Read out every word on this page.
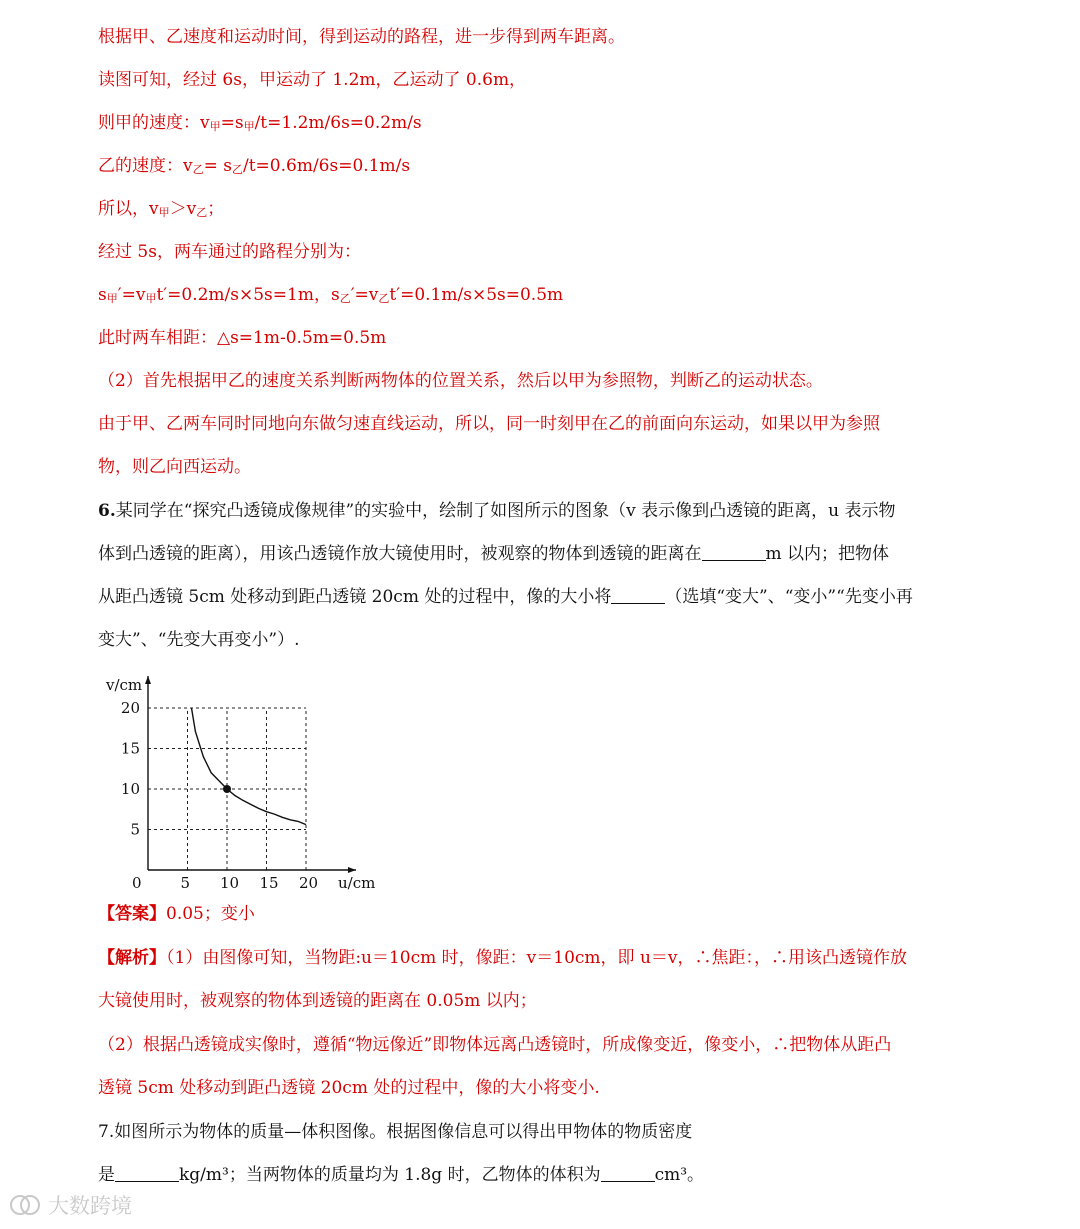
根据甲、乙速度和运动时间，得到运动的路程，进一步得到两车距离。
读图可知，经过 6s，甲运动了 1.2m，乙运动了 0.6m，
则甲的速度：v甲=s甲/t=1.2m/6s=0.2m/s
乙的速度：v乙= s乙/t=0.6m/6s=0.1m/s
所以，v甲＞v乙；
经过 5s，两车通过的路程分别为：
s甲′=v甲t′=0.2m/s×5s=1m，s乙′=v乙t′=0.1m/s×5s=0.5m
此时两车相距：△s=1m-0.5m=0.5m
（2）首先根据甲乙的速度关系判断两物体的位置关系，然后以甲为参照物，判断乙的运动状态。
由于甲、乙两车同时同地向东做匀速直线运动，所以，同一时刻甲在乙的前面向东运动，如果以甲为参照
物，则乙向西运动。
6.某同学在“探究凸透镜成像规律”的实验中，绘制了如图所示的图象（v 表示像到凸透镜的距离，u 表示物
体到凸透镜的距离），用该凸透镜作放大镜使用时，被观察的物体到透镜的距离在	m 以内；把物体
从距凸透镜 5cm 处移动到距凸透镜 20cm 处的过程中，像的大小将	（选填“变大”、“变小”“先变小再
变大”、“先变大再变小”）.
0	5 10 15 20
5
10
15
20
v/cm
u/cm
【答案】0.05；变小
【解析】（1）由图像可知，当物距:u＝10cm 时，像距：v＝10cm，即 u＝v，∴焦距：，∴用该凸透镜作放
大镜使用时，被观察的物体到透镜的距离在 0.05m 以内；
（2）根据凸透镜成实像时，遵循“物远像近”即物体远离凸透镜时，所成像变近，像变小，∴把物体从距凸
透镜 5cm 处移动到距凸透镜 20cm 处的过程中，像的大小将变小.
7.如图所示为物体的质量—体积图像。根据图像信息可以得出甲物体的物质密度
是	kg/m³；当两物体的质量均为 1.8g 时，乙物体的体积为	cm³。
大数跨境
